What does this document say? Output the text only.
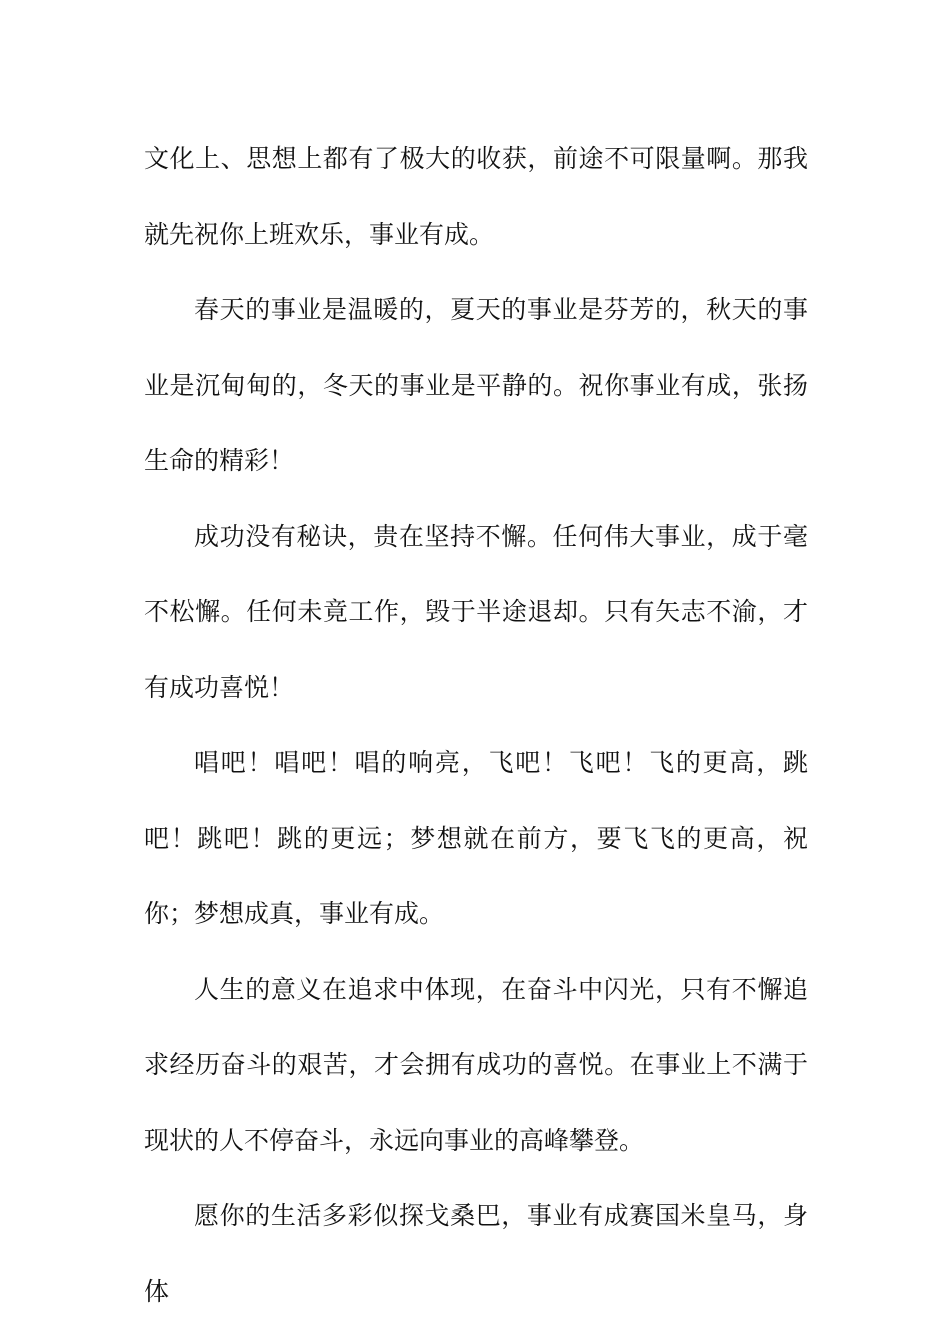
文化上、思想上都有了极大的收获，前途不可限量啊。那我就先祝你上班欢乐，事业有成。

春天的事业是温暖的，夏天的事业是芬芳的，秋天的事业是沉甸甸的，冬天的事业是平静的。祝你事业有成，张扬生命的精彩！

成功没有秘诀，贵在坚持不懈。任何伟大事业，成于毫不松懈。任何未竟工作，毁于半途退却。只有矢志不渝，才有成功喜悦！

唱吧！唱吧！唱的响亮，飞吧！飞吧！飞的更高，跳吧！跳吧！跳的更远；梦想就在前方，要飞飞的更高，祝你；梦想成真，事业有成。

人生的意义在追求中体现，在奋斗中闪光，只有不懈追求经历奋斗的艰苦，才会拥有成功的喜悦。在事业上不满于现状的人不停奋斗，永远向事业的高峰攀登。

愿你的生活多彩似探戈桑巴，事业有成赛国米皇马，身体
